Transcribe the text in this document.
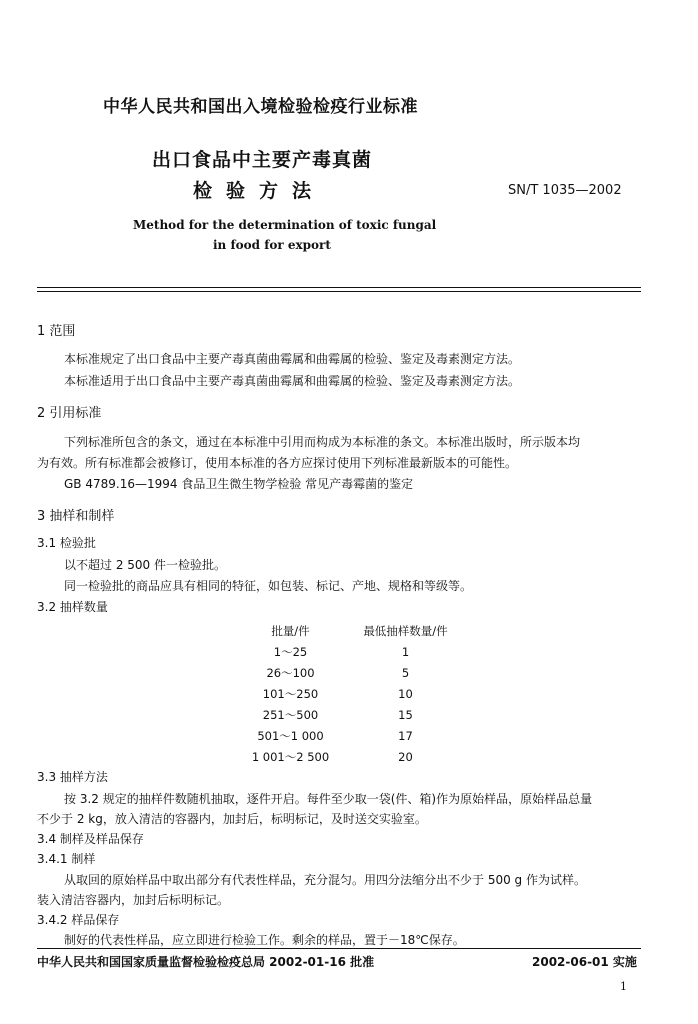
中华人民共和国出入境检验检疫行业标准
出口食品中主要产毒真菌
检验方法	SN/T 1035—2002
Method for the determination of toxic fungal
in food for export
1 范围
本标准规定了出口食品中主要产毒真菌曲霉属和曲霉属的检验、鉴定及毒素测定方法。
本标准适用于出口食品中主要产毒真菌曲霉属和曲霉属的检验、鉴定及毒素测定方法。
2 引用标准
下列标准所包含的条文，通过在本标准中引用而构成为本标准的条文。本标准出版时，所示版本均
为有效。所有标准都会被修订，使用本标准的各方应探讨使用下列标准最新版本的可能性。
GB 4789.16—1994 食品卫生微生物学检验 常见产毒霉菌的鉴定
3 抽样和制样
3.1 检验批
以不超过 2 500 件一检验批。
同一检验批的商品应具有相同的特征，如包装、标记、产地、规格和等级等。
3.2 抽样数量
批量/件	最低抽样数量/件
1～25	1
26～100	5
101～250	10
251～500	15
501～1 000	17
1 001～2 500	20
3.3 抽样方法
按 3.2 规定的抽样件数随机抽取，逐件开启。每件至少取一袋(件、箱)作为原始样品，原始样品总量
不少于 2 kg，放入清洁的容器内，加封后，标明标记，及时送交实验室。
3.4 制样及样品保存
3.4.1 制样
从取回的原始样品中取出部分有代表性样品，充分混匀。用四分法缩分出不少于 500 g 作为试样。
装入清洁容器内，加封后标明标记。
3.4.2 样品保存
制好的代表性样品，应立即进行检验工作。剩余的样品，置于－18℃保存。
中华人民共和国国家质量监督检验检疫总局 2002-01-16 批准	2002-06-01 实施
1
